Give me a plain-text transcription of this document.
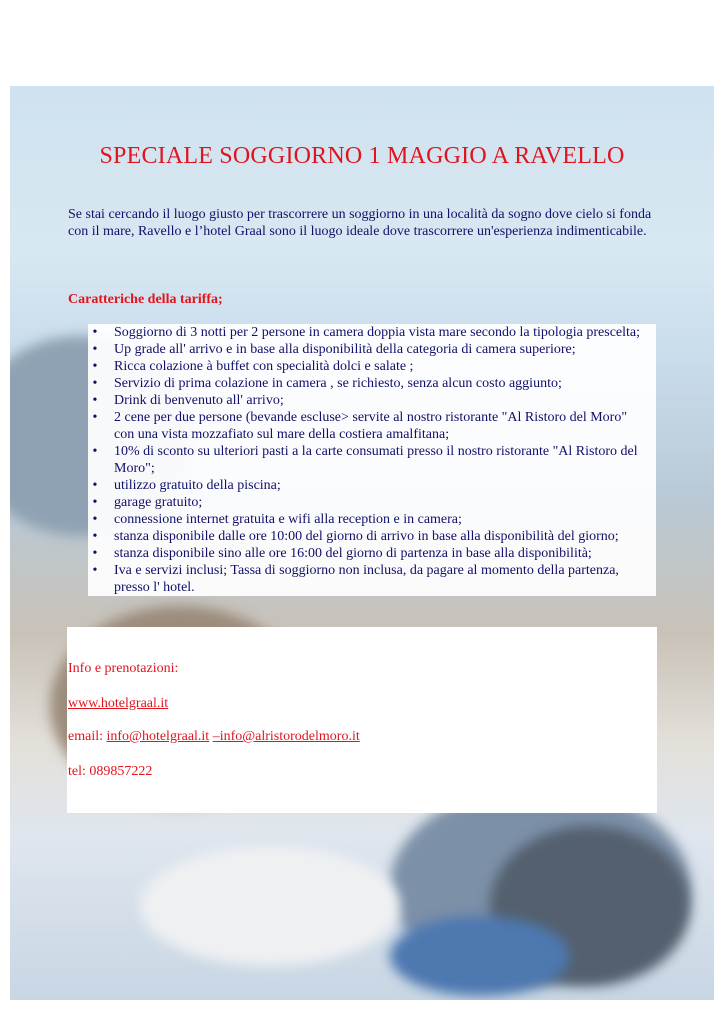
SPECIALE SOGGIORNO 1 MAGGIO A RAVELLO
Se stai cercando il luogo giusto per trascorrere un soggiorno in una località da sogno dove cielo si fonda con il mare, Ravello e l’hotel Graal sono il luogo ideale dove trascorrere un'esperienza indimenticabile.
Caratteriche della tariffa;
•	Soggiorno di 3 notti per 2 persone in camera doppia vista mare secondo la tipologia prescelta;
•	Up grade all' arrivo e in base alla disponibilità della categoria di camera superiore;
•	Ricca colazione à buffet con specialità dolci e salate ;
•	Servizio di prima colazione in camera , se richiesto, senza alcun costo aggiunto;
•	Drink di benvenuto all' arrivo;
•	2 cene per due persone (bevande escluse> servite al nostro ristorante "Al Ristoro del Moro" con una vista mozzafiato sul mare della costiera amalfitana;
•	10% di sconto su ulteriori pasti a la carte consumati presso il nostro ristorante "Al Ristoro del Moro";
•	utilizzo gratuito della piscina;
•	garage gratuito;
•	connessione internet gratuita e wifi alla reception e in camera;
•	stanza disponibile dalle ore 10:00 del giorno di arrivo in base alla disponibilità del giorno;
•	stanza disponibile sino alle ore 16:00 del giorno di partenza in base alla disponibilità;
•	Iva e servizi inclusi; Tassa di soggiorno non inclusa, da pagare al momento della partenza, presso l' hotel.
Info e prenotazioni:
www.hotelgraal.it
email: info@hotelgraal.it –info@alristorodelmoro.it
tel: 089857222
